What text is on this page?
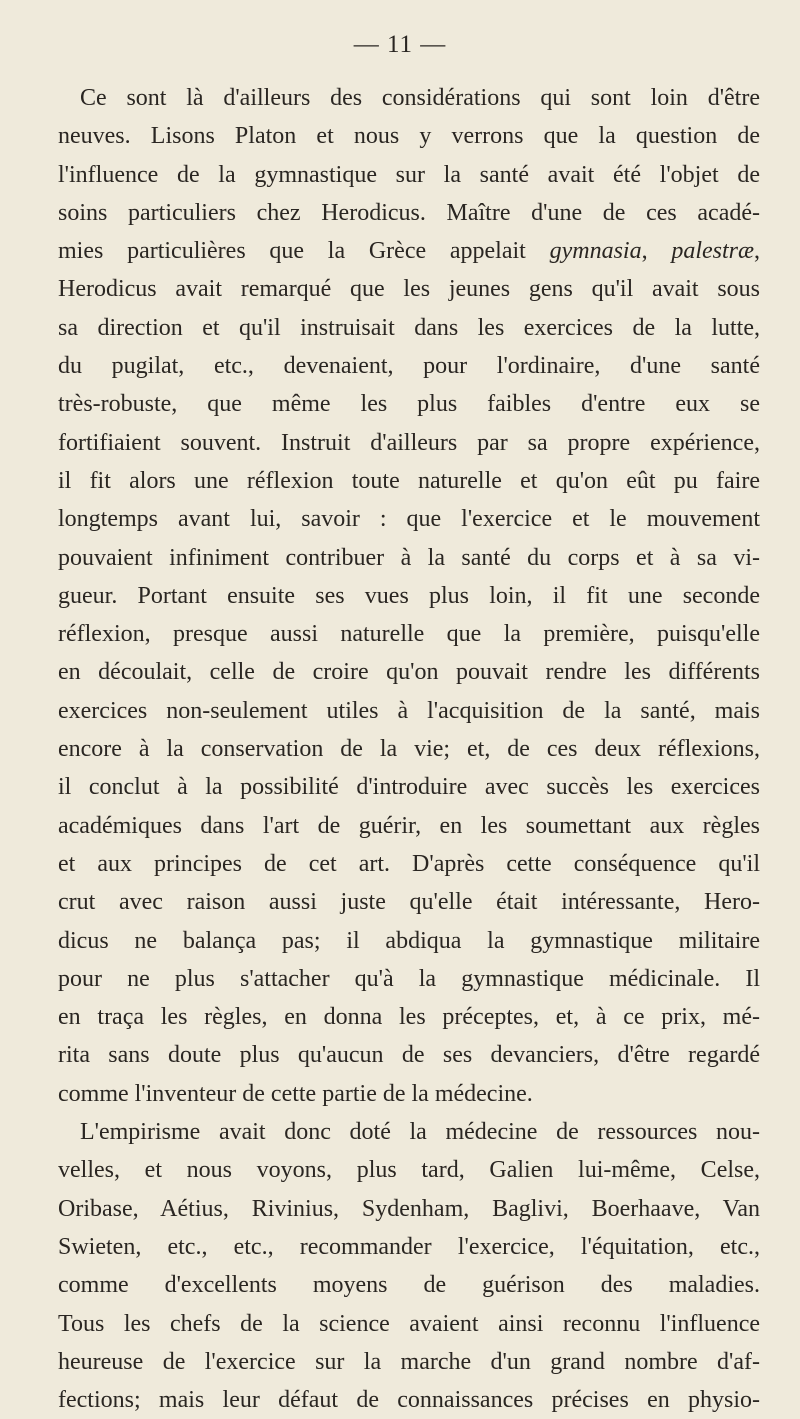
— 11 —
Ce sont là d'ailleurs des considérations qui sont loin d'être
neuves. Lisons Platon et nous y verrons que la question de
l'influence de la gymnastique sur la santé avait été l'objet de
soins particuliers chez Herodicus. Maître d'une de ces acadé-
mies particulières que la Grèce appelait gymnasia, palestræ,
Herodicus avait remarqué que les jeunes gens qu'il avait sous
sa direction et qu'il instruisait dans les exercices de la lutte,
du pugilat, etc., devenaient, pour l'ordinaire, d'une santé
très-robuste, que même les plus faibles d'entre eux se
fortifiaient souvent. Instruit d'ailleurs par sa propre expérience,
il fit alors une réflexion toute naturelle et qu'on eût pu faire
longtemps avant lui, savoir : que l'exercice et le mouvement
pouvaient infiniment contribuer à la santé du corps et à sa vi-
gueur. Portant ensuite ses vues plus loin, il fit une seconde
réflexion, presque aussi naturelle que la première, puisqu'elle
en découlait, celle de croire qu'on pouvait rendre les différents
exercices non-seulement utiles à l'acquisition de la santé, mais
encore à la conservation de la vie; et, de ces deux réflexions,
il conclut à la possibilité d'introduire avec succès les exercices
académiques dans l'art de guérir, en les soumettant aux règles
et aux principes de cet art. D'après cette conséquence qu'il
crut avec raison aussi juste qu'elle était intéressante, Hero-
dicus ne balança pas; il abdiqua la gymnastique militaire
pour ne plus s'attacher qu'à la gymnastique médicinale. Il
en traça les règles, en donna les préceptes, et, à ce prix, mé-
rita sans doute plus qu'aucun de ses devanciers, d'être regardé
comme l'inventeur de cette partie de la médecine.
L'empirisme avait donc doté la médecine de ressources nou-
velles, et nous voyons, plus tard, Galien lui-même, Celse,
Oribase, Aétius, Rivinius, Sydenham, Baglivi, Boerhaave, Van
Swieten, etc., etc., recommander l'exercice, l'équitation, etc.,
comme d'excellents moyens de guérison des maladies.
Tous les chefs de la science avaient ainsi reconnu l'influence
heureuse de l'exercice sur la marche d'un grand nombre d'af-
fections; mais leur défaut de connaissances précises en physio-
